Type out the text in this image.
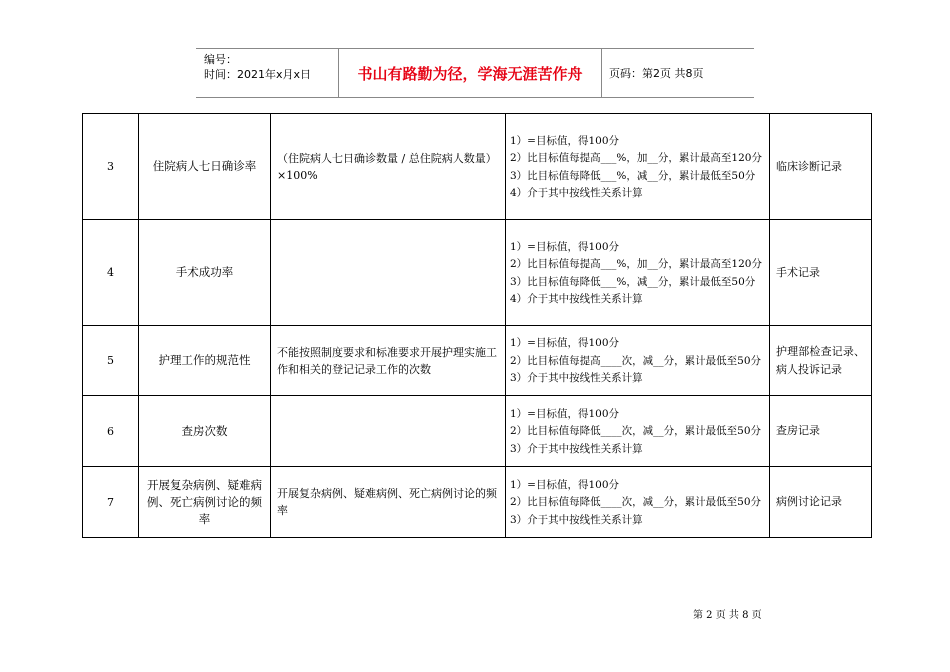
编号：
时间：2021年x月x日	书山有路勤为径，学海无涯苦作舟	页码：第2页 共8页
3	住院病人七日确诊率	（住院病人七日确诊数量 / 总住院病人数量）×100%	1）=目标值，得100分
2）比目标值每提高___%，加__分，累计最高至120分
3）比目标值每降低___%，减__分，累计最低至50分
4）介于其中按线性关系计算	临床诊断记录
4	手术成功率		1）=目标值，得100分
2）比目标值每提高___%，加__分，累计最高至120分
3）比目标值每降低___%，减__分，累计最低至50分
4）介于其中按线性关系计算	手术记录
5	护理工作的规范性	不能按照制度要求和标准要求开展护理实施工作和相关的登记记录工作的次数	1）=目标值，得100分
2）比目标值每提高____次，减__分，累计最低至50分
3）介于其中按线性关系计算	护理部检查记录、病人投诉记录
6	查房次数		1）=目标值，得100分
2）比目标值每降低____次，减__分，累计最低至50分
3）介于其中按线性关系计算	查房记录
7	开展复杂病例、疑难病例、死亡病例讨论的频率	开展复杂病例、疑难病例、死亡病例讨论的频率	1）=目标值，得100分
2）比目标值每降低____次，减__分，累计最低至50分
3）介于其中按线性关系计算	病例讨论记录
第 2 页 共 8 页
